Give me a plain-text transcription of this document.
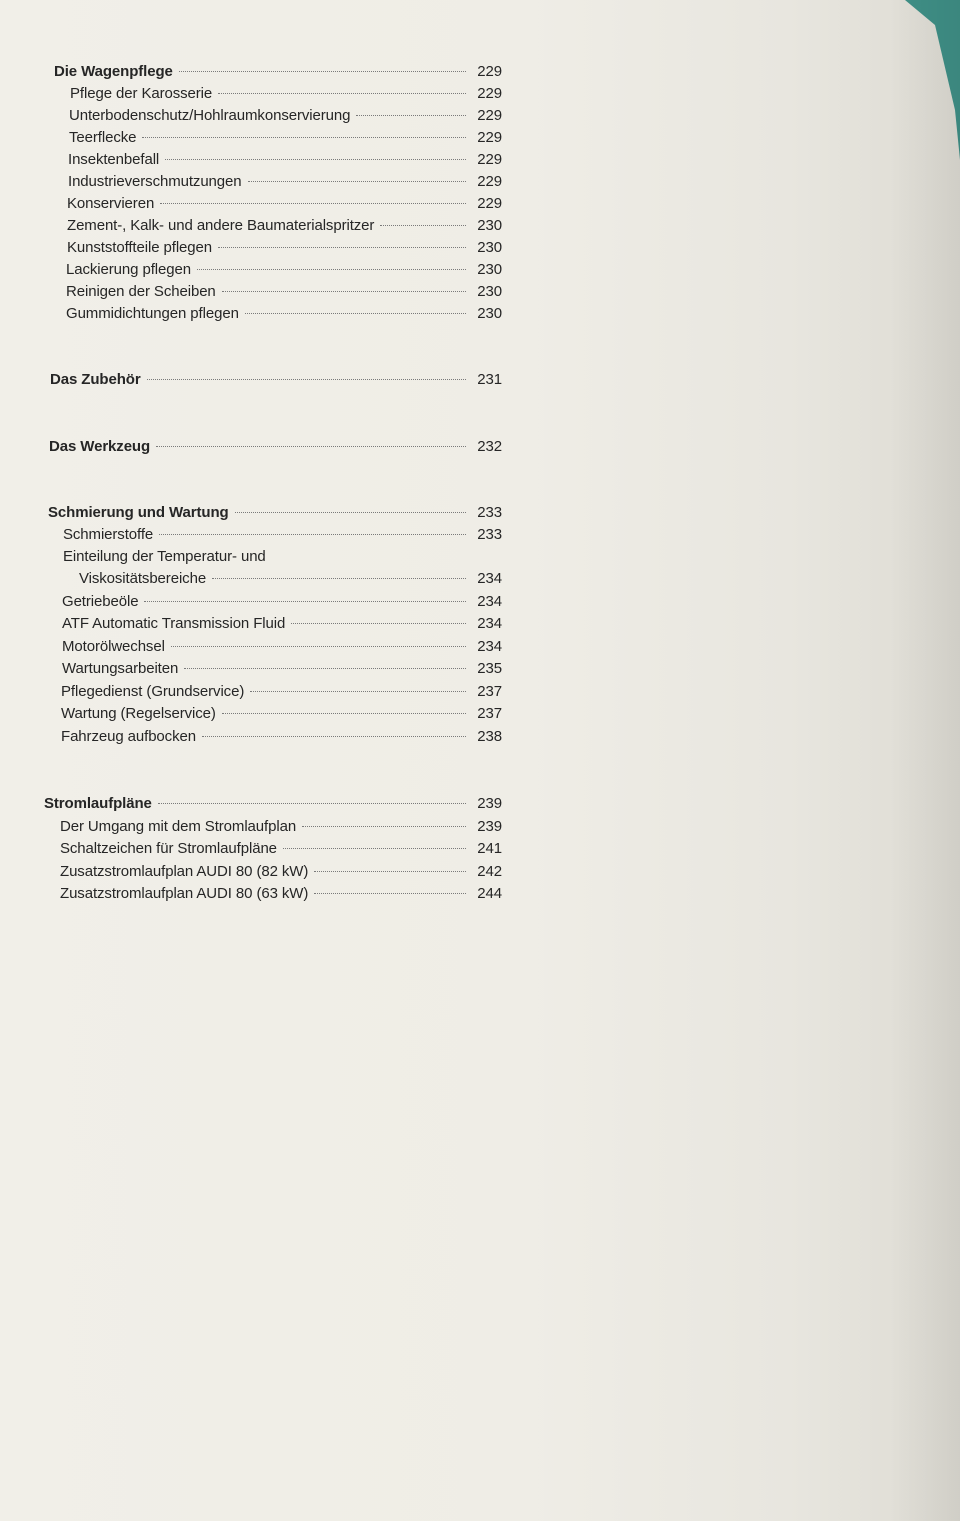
Die Wagenpflege	229
Pflege der Karosserie	229
Unterbodenschutz/Hohlraumkonservierung	229
Teerflecke	229
Insektenbefall	229
Industrieverschmutzungen	229
Konservieren	229
Zement-, Kalk- und andere Baumaterialspritzer	230
Kunststoffteile pflegen	230
Lackierung pflegen	230
Reinigen der Scheiben	230
Gummidichtungen pflegen	230
Das Zubehör	231
Das Werkzeug	232
Schmierung und Wartung	233
Schmierstoffe	233
Einteilung der Temperatur- und
Viskositätsbereiche	234
Getriebeöle	234
ATF Automatic Transmission Fluid	234
Motorölwechsel	234
Wartungsarbeiten	235
Pflegedienst (Grundservice)	237
Wartung (Regelservice)	237
Fahrzeug aufbocken	238
Stromlaufpläne	239
Der Umgang mit dem Stromlaufplan	239
Schaltzeichen für Stromlaufpläne	241
Zusatzstromlaufplan AUDI 80 (82 kW)	242
Zusatzstromlaufplan AUDI 80 (63 kW)	244
